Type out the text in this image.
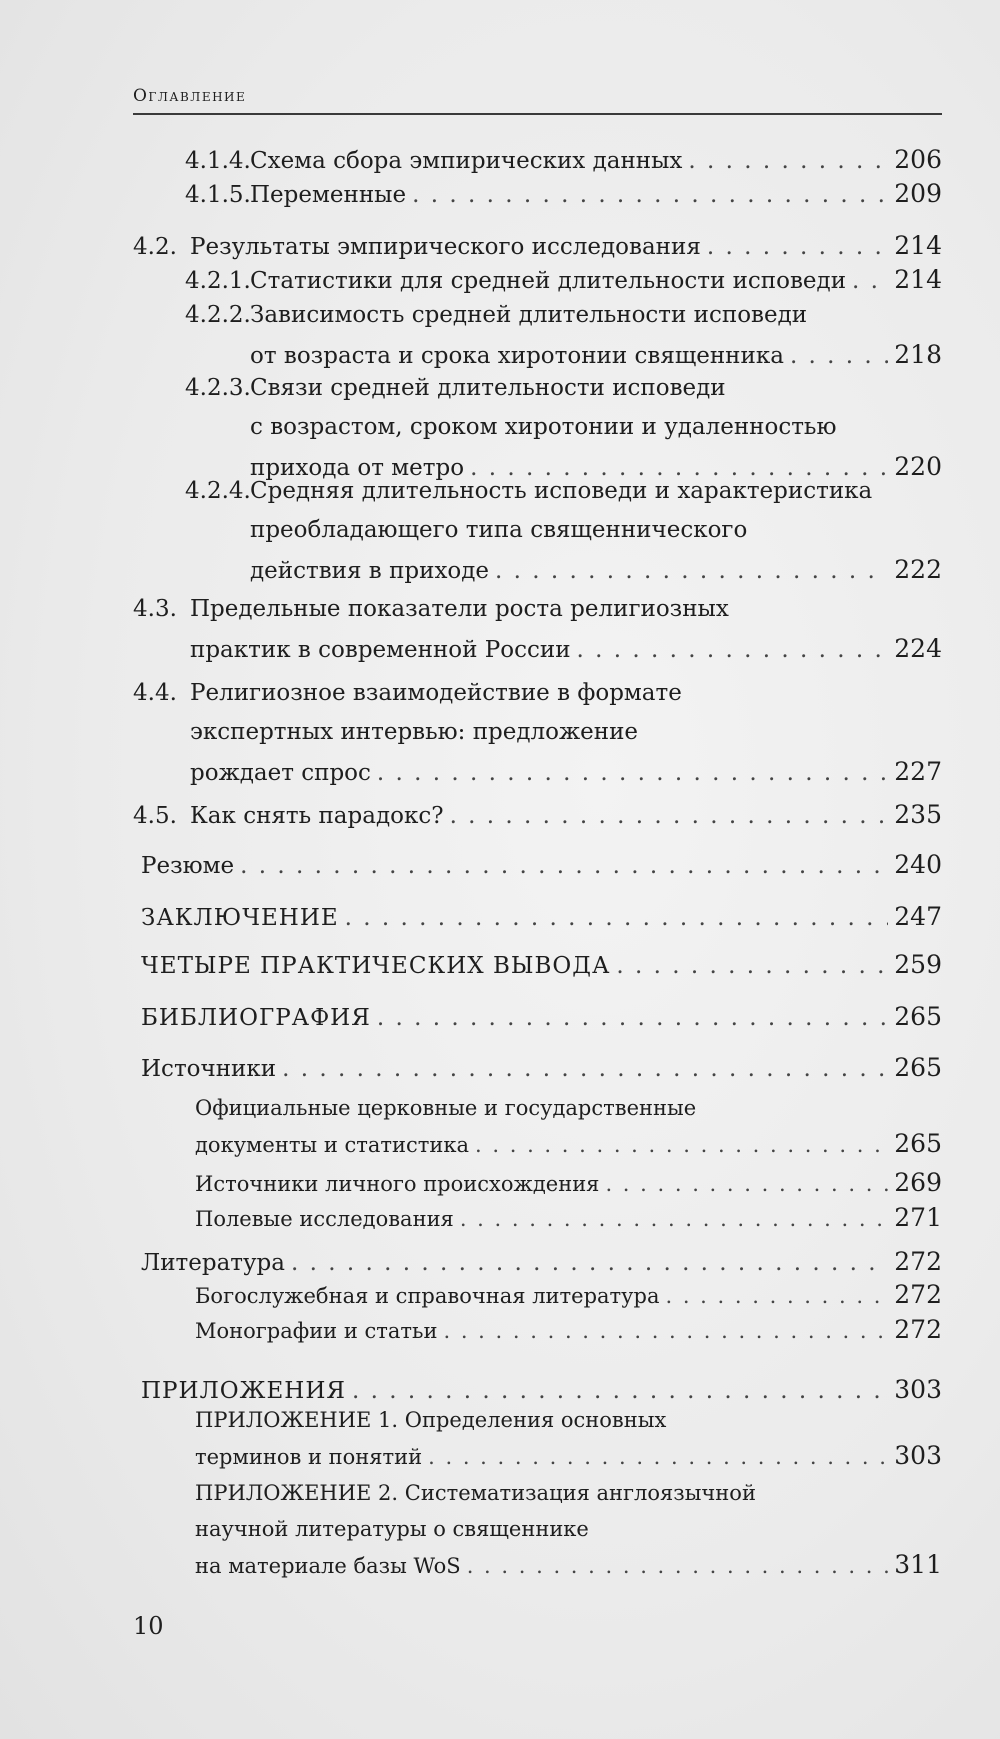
Оглавление
4.1.4. Схема сбора эмпирических данных . . .	206
4.1.5. Переменные . . .	209
4.2. Результаты эмпирического исследования . . .	214
4.2.1. Статистики для средней длительности исповеди . . . 214
4.2.2. Зависимость средней длительности исповеди
от возраста и срока хиротонии священника . . .	218
4.2.3. Связи средней длительности исповеди
с возрастом, сроком хиротонии и удаленностью
прихода от метро . . .	220
4.2.4. Средняя длительность исповеди и характеристика
преобладающего типа священнического
действия в приходе . . .	222
4.3. Предельные показатели роста религиозных
практик в современной России . . .	224
4.4. Религиозное взаимодействие в формате
экспертных интервью: предложение
рождает спрос . . .	227
4.5. Как снять парадокс? . . .	235
Резюме . . .	240
ЗАКЛЮЧЕНИЕ . . .	247
ЧЕТЫРЕ ПРАКТИЧЕСКИХ ВЫВОДА . . .	259
БИБЛИОГРАФИЯ . . .	265
Источники . . .	265
Официальные церковные и государственные
документы и статистика . . .	265
Источники личного происхождения . . .	269
Полевые исследования . . .	271
Литература . . .	272
Богослужебная и справочная литература . . .	272
Монографии и статьи . . .	272
ПРИЛОЖЕНИЯ . . .	303
ПРИЛОЖЕНИЕ 1. Определения основных
терминов и понятий . . .	303
ПРИЛОЖЕНИЕ 2. Систематизация англоязычной
научной литературы о священнике
на материале базы WoS . . .	311
10
